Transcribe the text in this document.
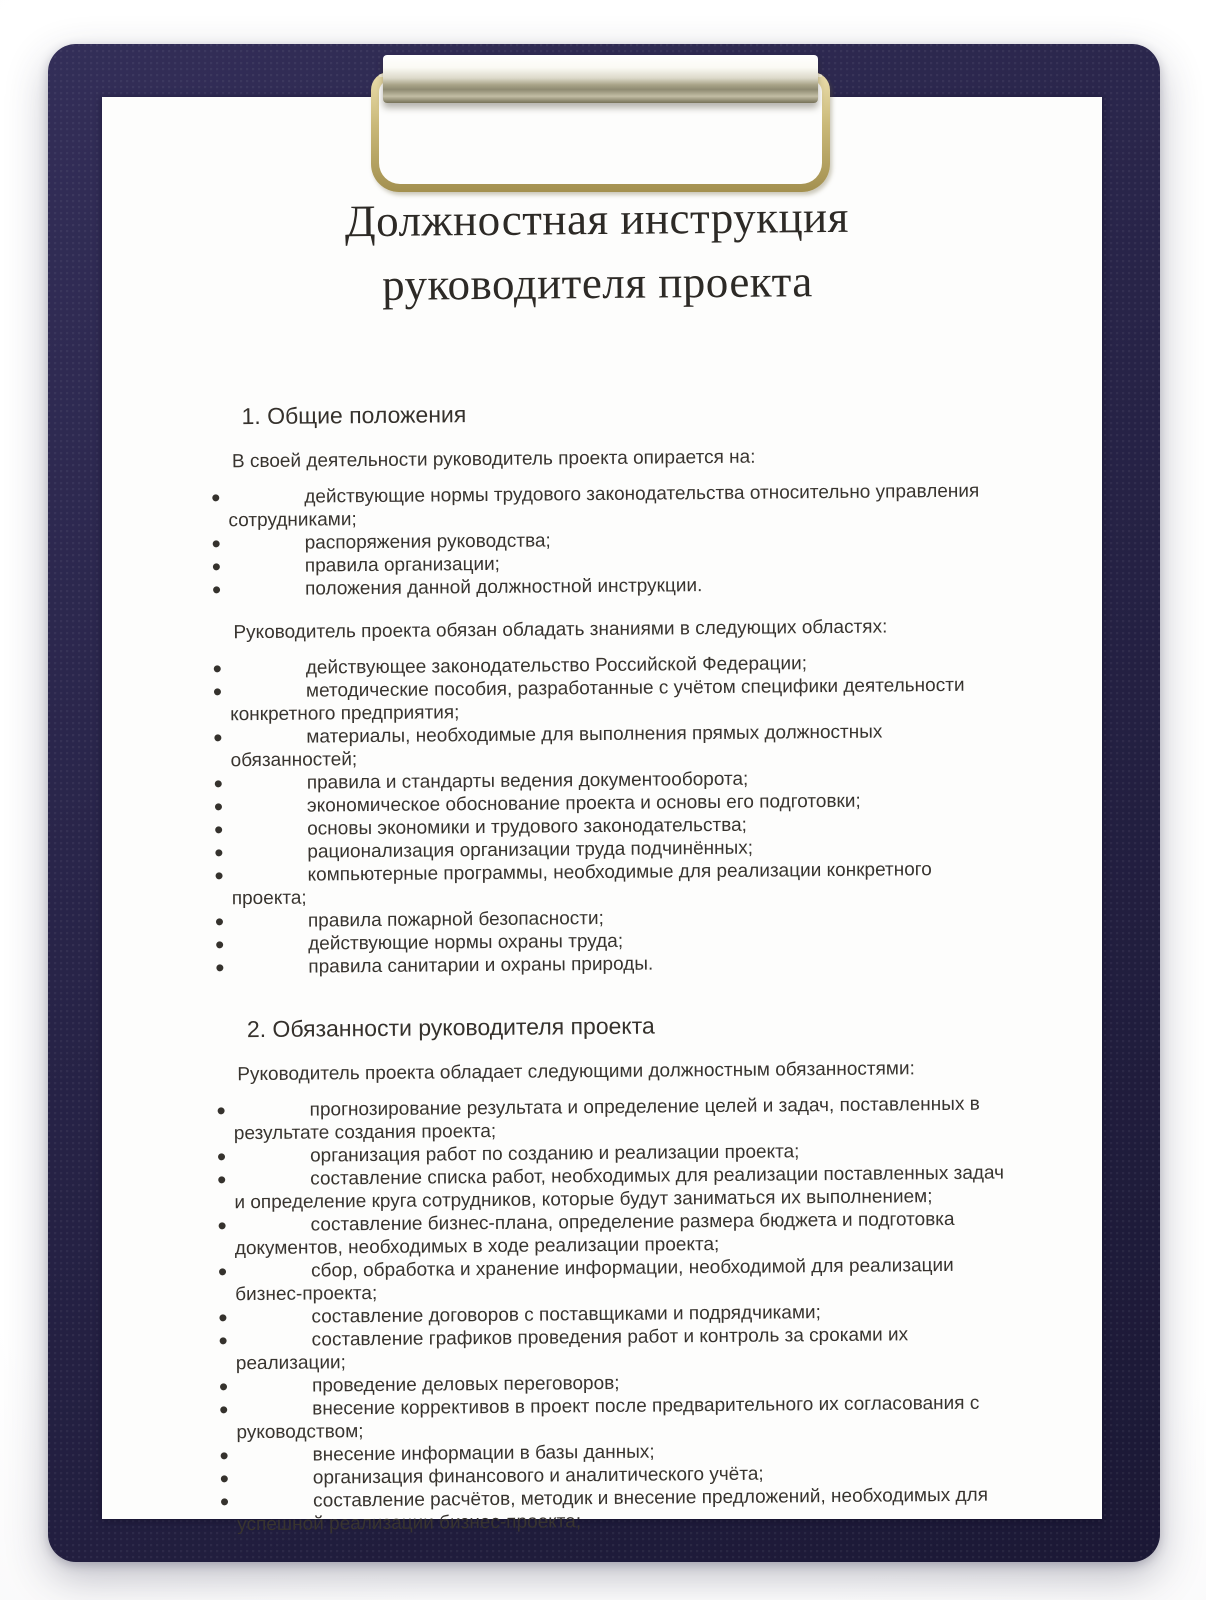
Должностная инструкция
руководителя проекта
1. Общие положения

В своей деятельности руководитель проекта опирается на:

действующие нормы трудового законодательства относительно управления сотрудниками;
распоряжения руководства;
правила организации;
положения данной должностной инструкции.

Руководитель проекта обязан обладать знаниями в следующих областях:

действующее законодательство Российской Федерации;
методические пособия, разработанные с учётом специфики деятельности конкретного предприятия;
материалы, необходимые для выполнения прямых должностных обязанностей;
правила и стандарты ведения документооборота;
экономическое обоснование проекта и основы его подготовки;
основы экономики и трудового законодательства;
рационализация организации труда подчинённых;
компьютерные программы, необходимые для реализации конкретного проекта;
правила пожарной безопасности;
действующие нормы охраны труда;
правила санитарии и охраны природы.
2. Обязанности руководителя проекта

Руководитель проекта обладает следующими должностным обязанностями:

прогнозирование результата и определение целей и задач, поставленных в результате создания проекта;
организация работ по созданию и реализации проекта;
составление списка работ, необходимых для реализации поставленных задач и определение круга сотрудников, которые будут заниматься их выполнением;
составление бизнес-плана, определение размера бюджета и подготовка документов, необходимых в ходе реализации проекта;
сбор, обработка и хранение информации, необходимой для реализации бизнес-проекта;
составление договоров с поставщиками и подрядчиками;
составление графиков проведения работ и контроль за сроками их реализации;
проведение деловых переговоров;
внесение коррективов в проект после предварительного их согласования с руководством;
внесение информации в базы данных;
организация финансового и аналитического учёта;
составление расчётов, методик и внесение предложений, необходимых для успешной реализации бизнес-проекта;
